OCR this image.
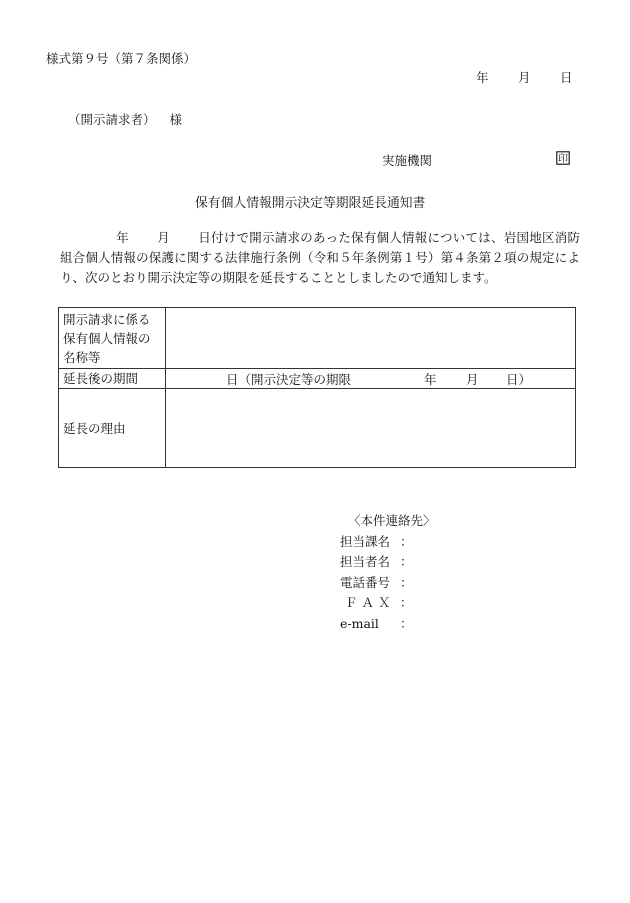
様式第９号（第７条関係）
年 月 日
（開示請求者） 様
実施機関	印
保有個人情報開示決定等期限延長通知書
年 月 日付けで開示請求のあった保有個人情報については、岩国地区消防組合個人情報の保護に関する法律施行条例（令和５年条例第１号）第４条第２項の規定により、次のとおり開示決定等の期限を延長することとしましたので通知します。
開示請求に係る保有個人情報の名称等	
延長後の期間	日（開示決定等の期限 年 月 日）
延長の理由	
〈本件連絡先〉
担当課名 ：
担当者名 ：
電話番号 ：
ＦＡＸ ：
e-mail	：
